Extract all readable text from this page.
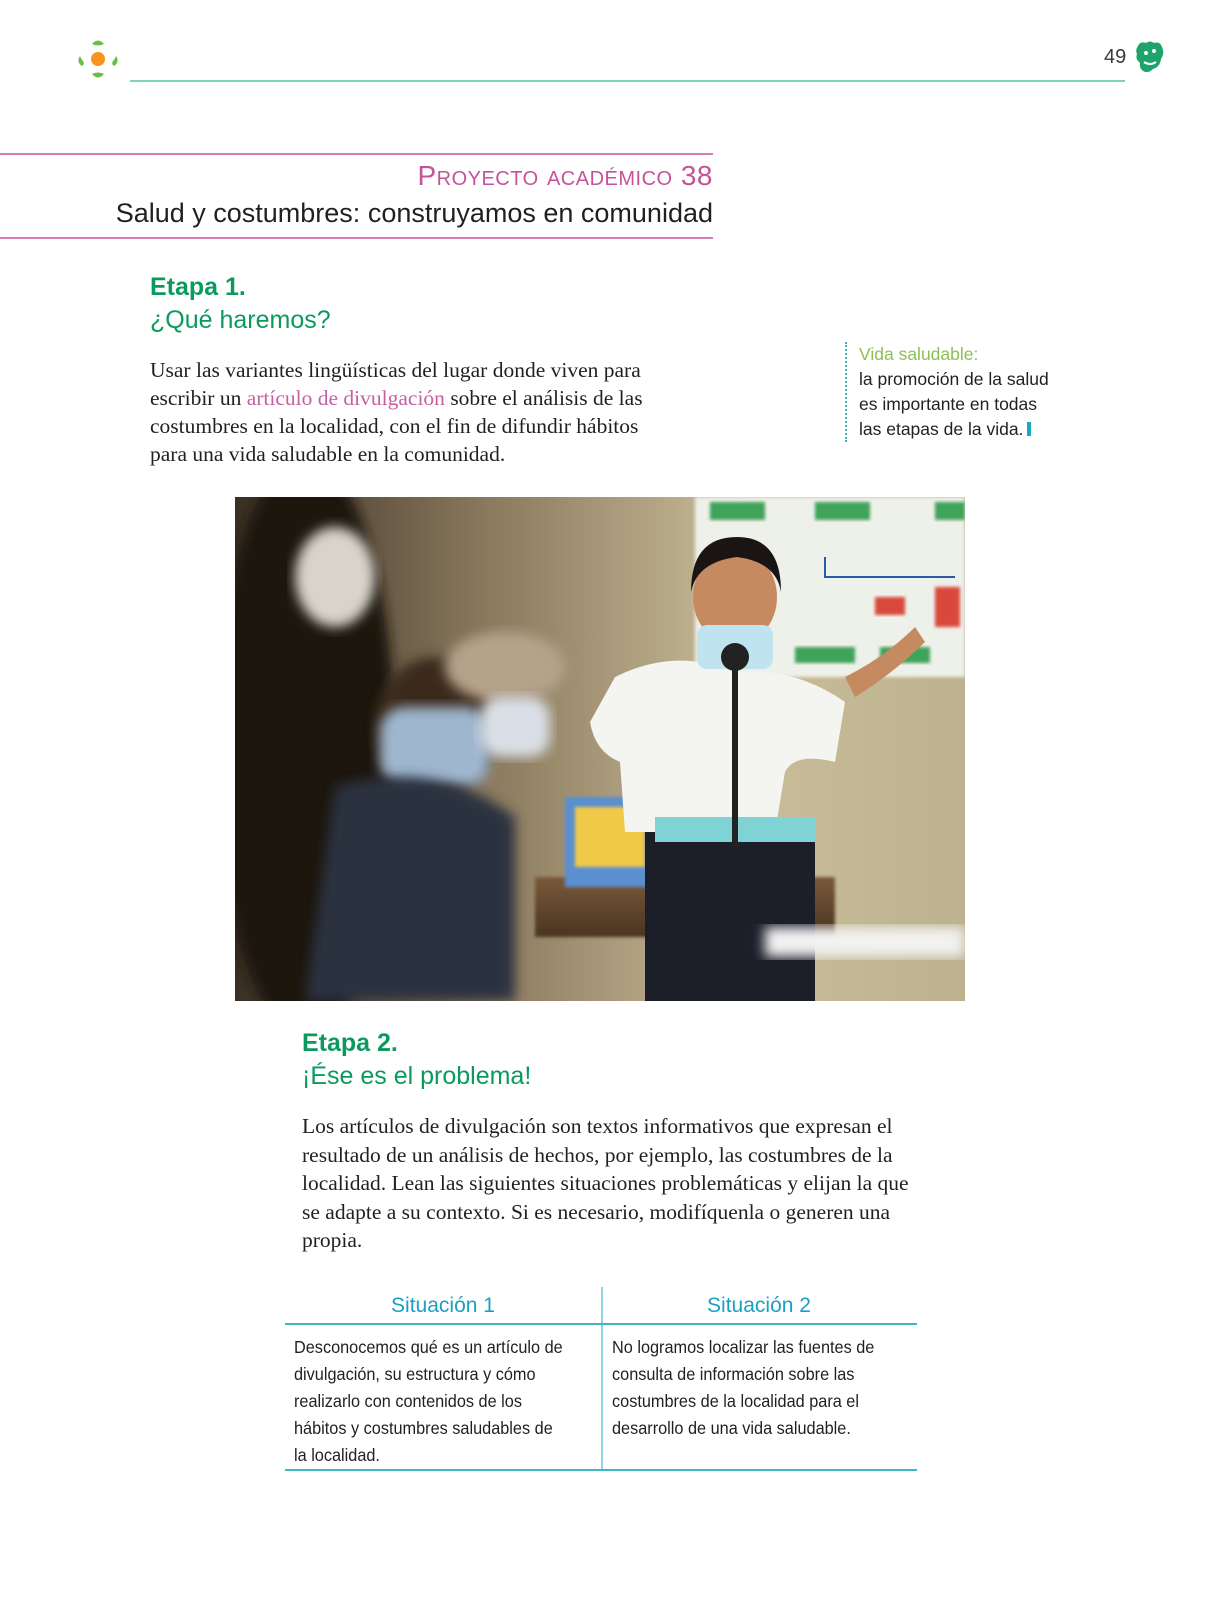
49
Proyecto académico 38
Salud y costumbres: construyamos en comunidad
Etapa 1.
¿Qué haremos?
Usar las variantes lingüísticas del lugar donde viven para escribir un artículo de divulgación sobre el análisis de las costumbres en la localidad, con el fin de difundir hábitos para una vida saludable en la comunidad.
Vida saludable:
la promoción de la salud es importante en todas las etapas de la vida.
Etapa 2.
¡Ése es el problema!
Los artículos de divulgación son textos informativos que expresan el resultado de un análisis de hechos, por ejemplo, las costumbres de la localidad. Lean las siguientes situaciones problemáticas y elijan la que se adapte a su contexto. Si es necesario, modifíquenla o generen una propia.
Situación 1	Situación 2
Desconocemos qué es un artículo de divulgación, su estructura y cómo realizarlo con contenidos de los hábitos y costumbres saludables de la localidad.
No logramos localizar las fuentes de consulta de información sobre las costumbres de la localidad para el desarrollo de una vida saludable.
